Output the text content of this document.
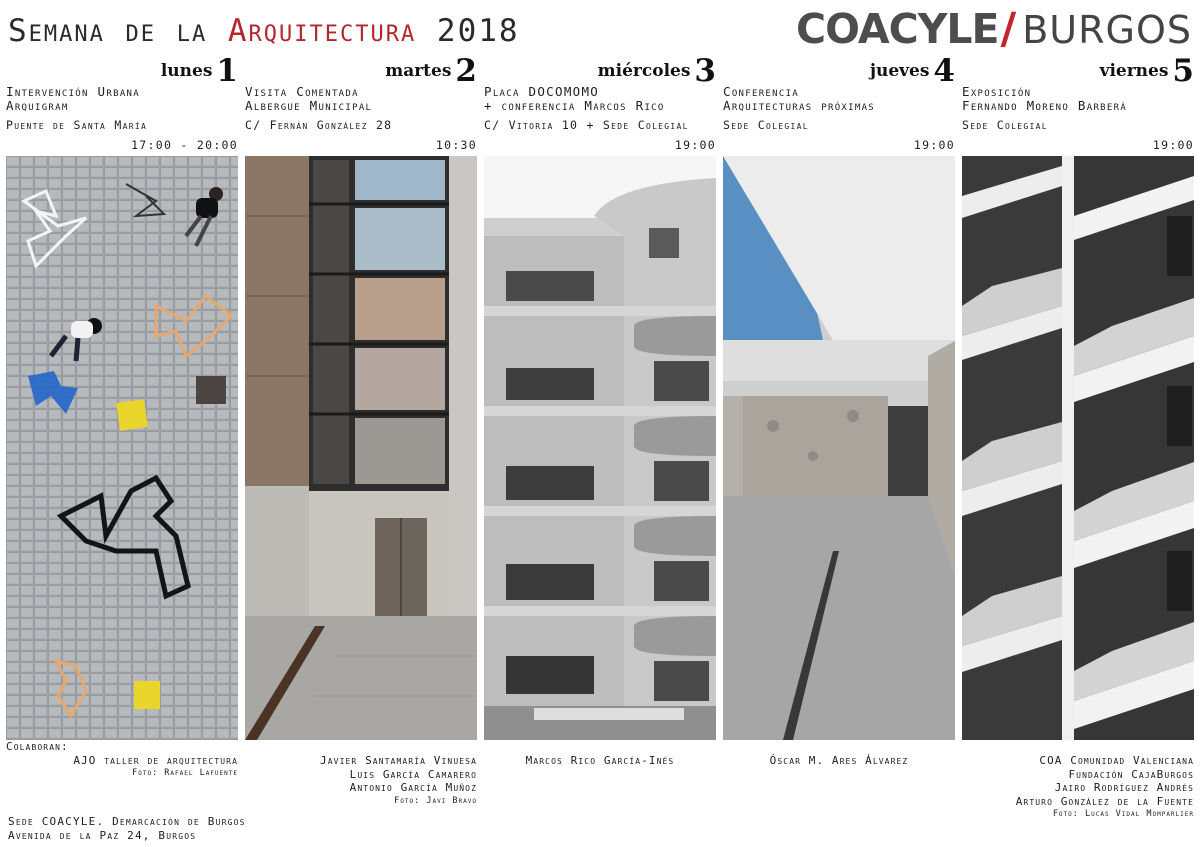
Semana de la Arquitectura 2018	COACYLE/ BURGOS
lunes 1
Intervención Urbana
Arquigram
Puente de Santa María
17:00 - 20:00
Colaboran:
AJO taller de arquitectura
Foto: Rafael Lafuente
martes 2
Visita Comentada
Albergue Municipal
C/ Fernán González 28
10:30
Javier Santamaría Vinuesa
Luis García Camarero
Antonio García Muñoz
Foto: Javi Bravo
miércoles 3
Placa DOCOMOMO
+ conferencia Marcos Rico
C/ Vitoria 10 + Sede Colegial
19:00
Marcos Rico García-Inés
jueves 4
Conferencia
Arquitecturas próximas
Sede Colegial
19:00
Óscar M. Ares Álvarez
viernes 5
Exposición
Fernando Moreno Barberá
Sede Colegial
19:00
COA Comunidad Valenciana
Fundación CajaBurgos
Jairo Rodríguez Andrés
Arturo González de la Fuente
Foto: Lucas Vidal Momparlier
Sede COACYLE. Demarcación de Burgos
Avenida de la Paz 24, Burgos
